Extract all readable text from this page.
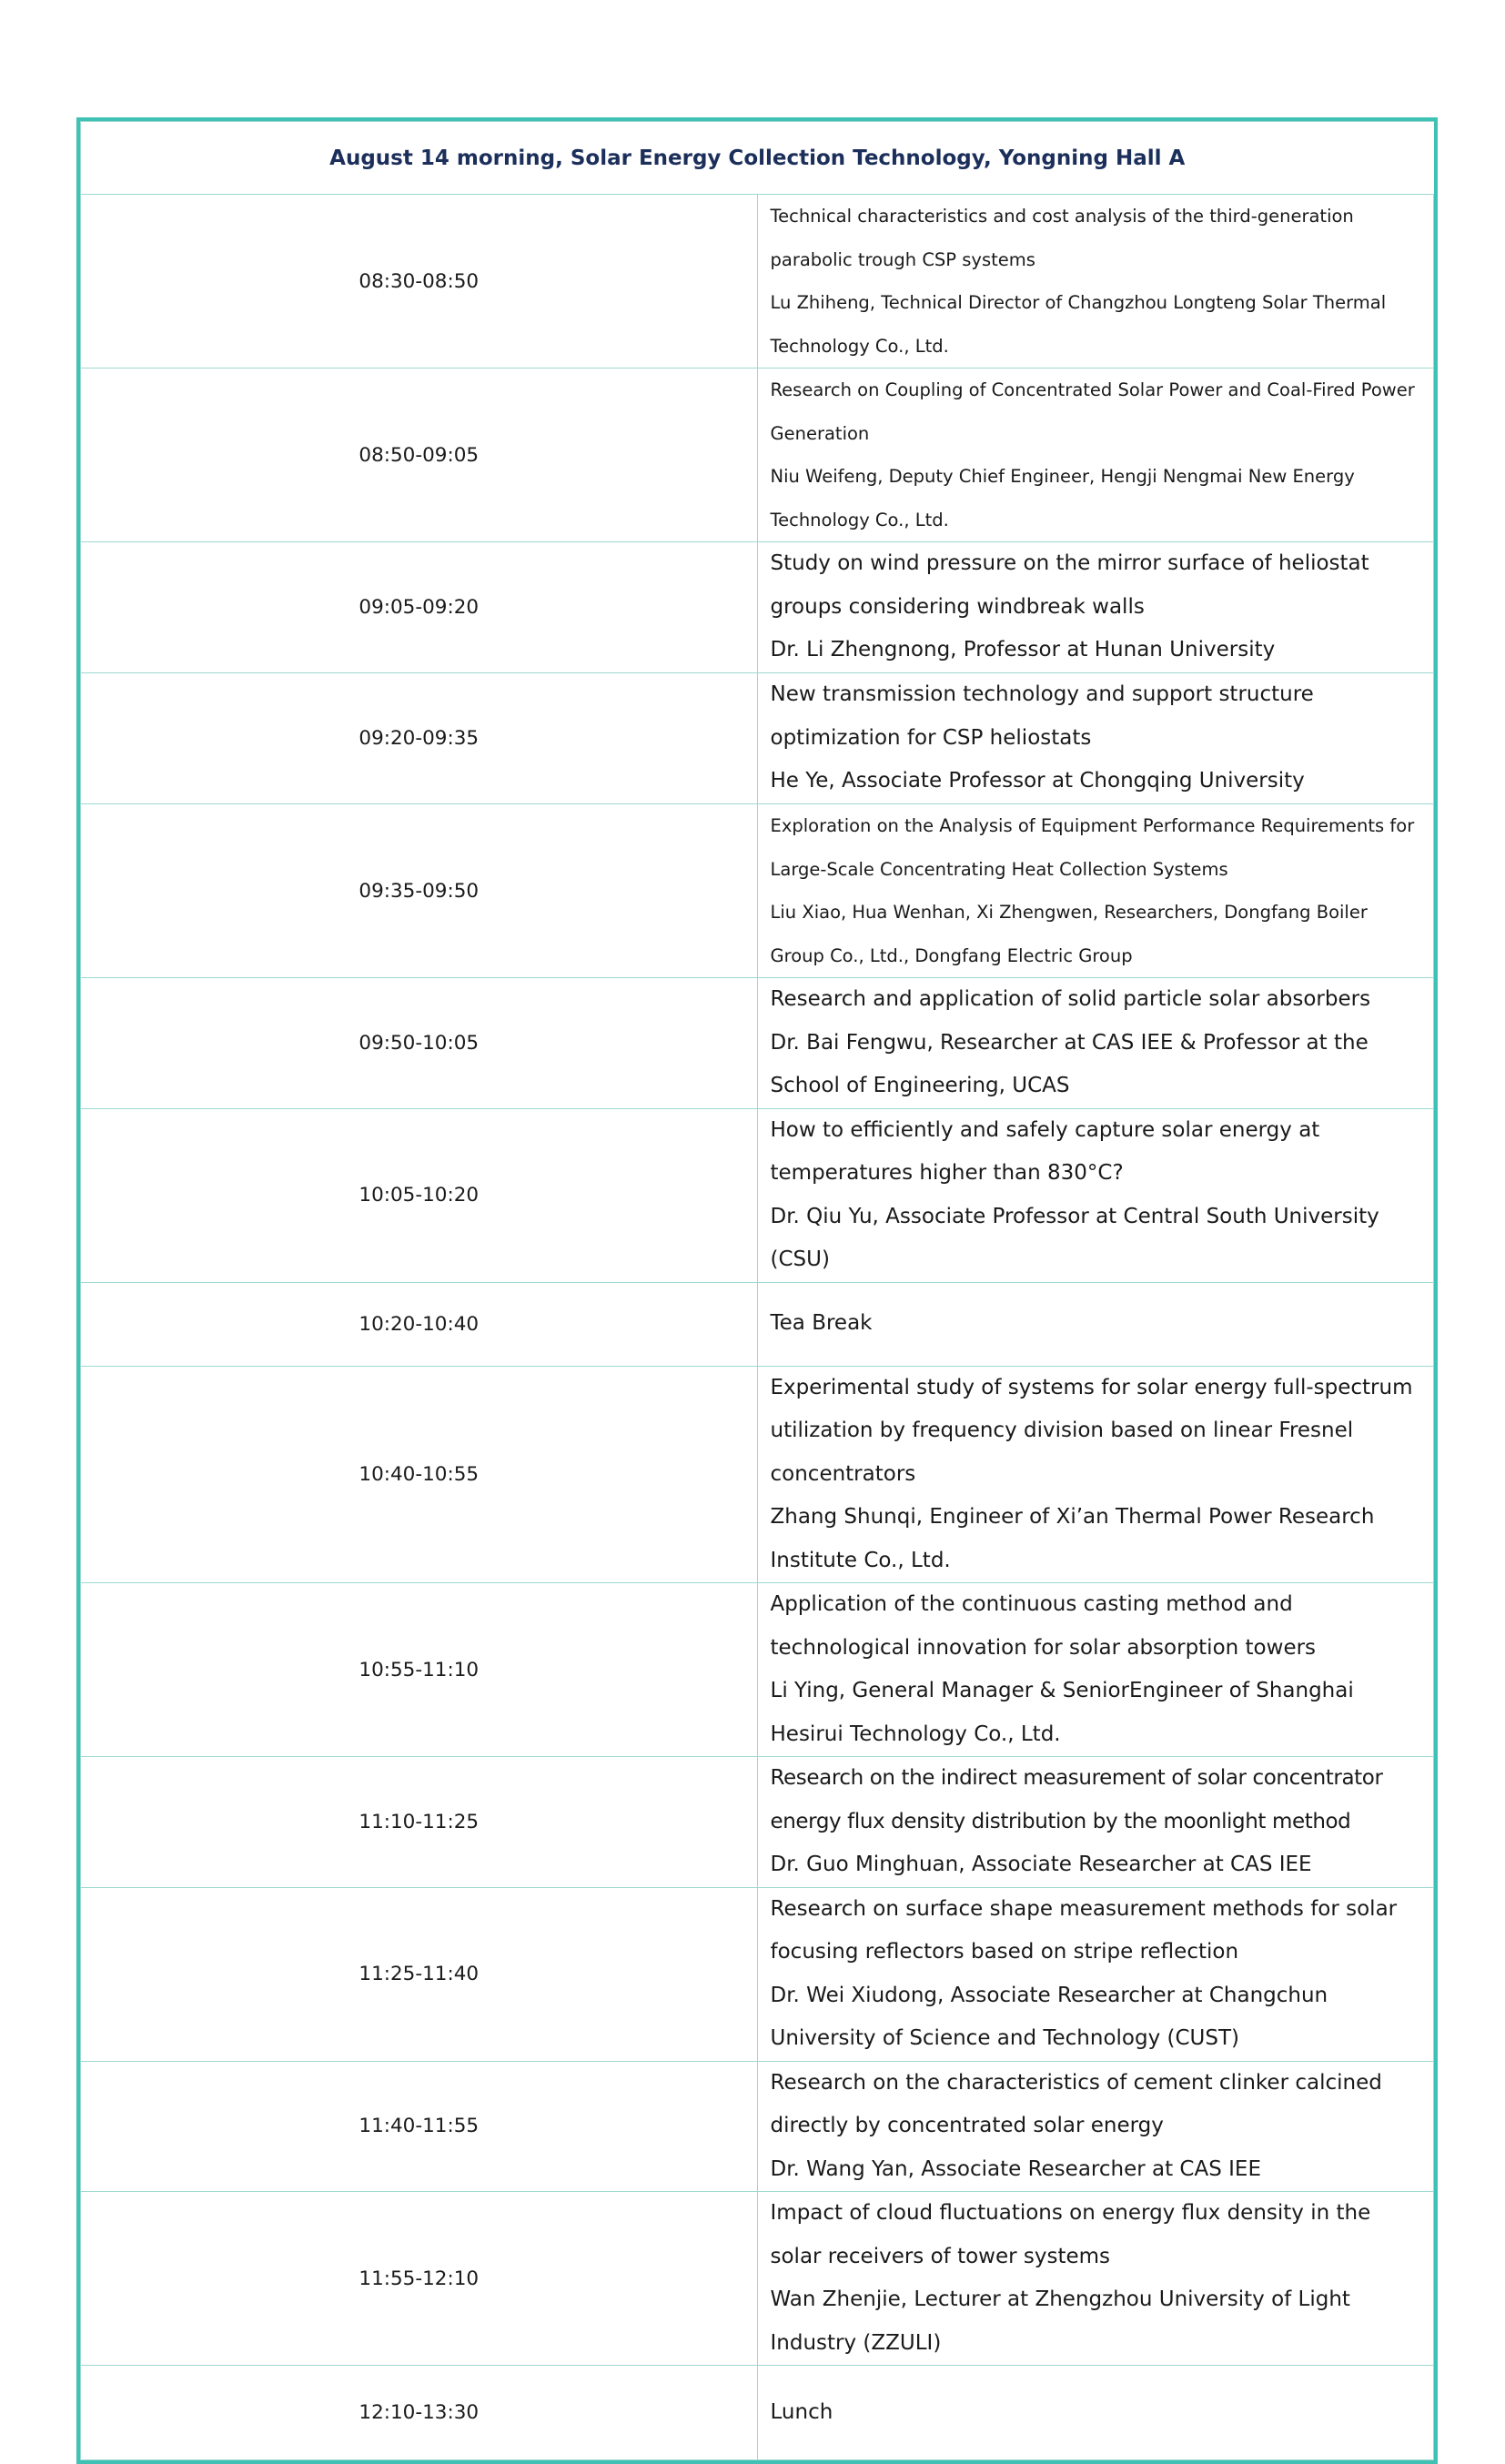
August 14 morning, Solar Energy Collection Technology, Yongning Hall A	
08:30-08:50	Technical characteristics and cost analysis of the third-generation parabolic trough CSP systems
Lu Zhiheng, Technical Director of Changzhou Longteng Solar Thermal Technology Co., Ltd.

08:50-09:05	Research on Coupling of Concentrated Solar Power and Coal-Fired Power Generation
Niu Weifeng, Deputy Chief Engineer, Hengji Nengmai New Energy Technology Co., Ltd.

09:05-09:20	Study on wind pressure on the mirror surface of heliostat groups considering windbreak walls
Dr. Li Zhengnong, Professor at Hunan University

09:20-09:35	New transmission technology and support structure optimization for CSP heliostats
He Ye, Associate Professor at Chongqing University

09:35-09:50	Exploration on the Analysis of Equipment Performance Requirements for Large-Scale Concentrating Heat Collection Systems
Liu Xiao, Hua Wenhan, Xi Zhengwen, Researchers, Dongfang Boiler Group Co., Ltd., Dongfang Electric Group

09:50-10:05	Research and application of solid particle solar absorbers
Dr. Bai Fengwu, Researcher at CAS IEE & Professor at the School of Engineering, UCAS

10:05-10:20	How to efficiently and safely capture solar energy at temperatures higher than 830°C?
Dr. Qiu Yu, Associate Professor at Central South University (CSU)

10:20-10:40	Tea Break

10:40-10:55	Experimental study of systems for solar energy full-spectrum utilization by frequency division based on linear Fresnel concentrators
Zhang Shunqi, Engineer of Xi’an Thermal Power Research Institute Co., Ltd.

10:55-11:10	Application of the continuous casting method and technological innovation for solar absorption towers
Li Ying, General Manager & SeniorEngineer of Shanghai Hesirui Technology Co., Ltd.

11:10-11:25	Research on the indirect measurement of solar concentrator energy flux density distribution by the moonlight method
Dr. Guo Minghuan, Associate Researcher at CAS IEE

11:25-11:40	Research on surface shape measurement methods for solar focusing reflectors based on stripe reflection
Dr. Wei Xiudong, Associate Researcher at Changchun University of Science and Technology (CUST)

11:40-11:55	Research on the characteristics of cement clinker calcined directly by concentrated solar energy
Dr. Wang Yan, Associate Researcher at CAS IEE

11:55-12:10	Impact of cloud fluctuations on energy flux density in the solar receivers of tower systems
Wan Zhenjie, Lecturer at Zhengzhou University of Light Industry (ZZULI)

12:10-13:30	Lunch
